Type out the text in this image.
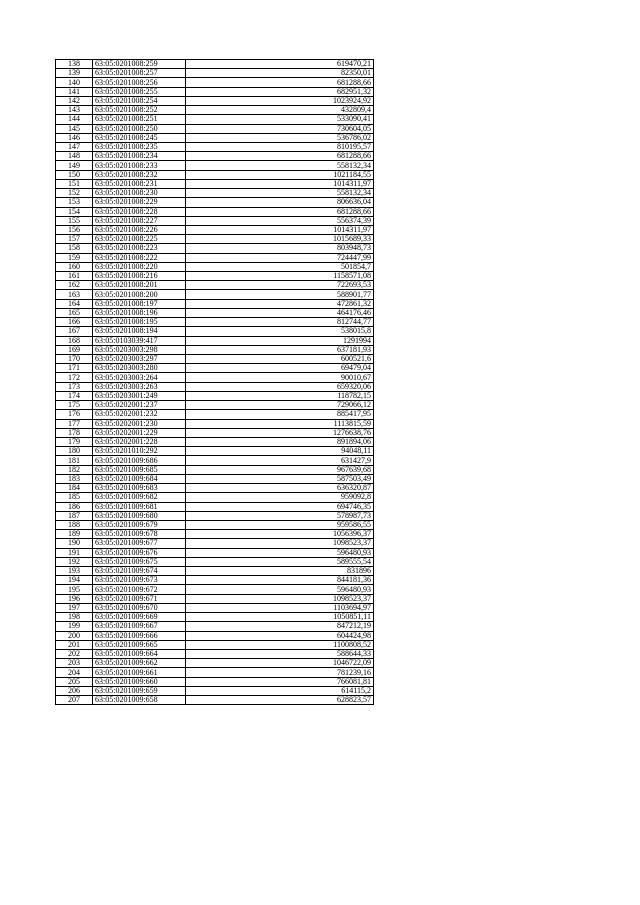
138	63:05:0201008:259	619470,21
139	63:05:0201008:257	82350,01
140	63:05:0201008:256	681288,66
141	63:05:0201008:255	682951,32
142	63:05:0201008:254	1023924,92
143	63:05:0201008:252	432809,4
144	63:05:0201008:251	533090,41
145	63:05:0201008:250	730604,05
146	63:05:0201008:245	536786,02
147	63:05:0201008:235	810195,57
148	63:05:0201008:234	681288,66
149	63:05:0201008:233	558132,34
150	63:05:0201008:232	1021184,55
151	63:05:0201008:231	1014311,97
152	63:05:0201008:230	558132,34
153	63:05:0201008:229	806636,04
154	63:05:0201008:228	681288,66
155	63:05:0201008:227	556374,39
156	63:05:0201008:226	1014311,97
157	63:05:0201008:225	1015689,33
158	63:05:0201008:223	803948,73
159	63:05:0201008:222	724447,99
160	63:05:0201008:220	501854,7
161	63:05:0201008:216	1158571,08
162	63:05:0201008:201	722693,53
163	63:05:0201008:200	588901,77
164	63:05:0201008:197	472861,32
165	63:05:0201008:196	464176,46
166	63:05:0201008:195	812744,77
167	63:05:0201008:194	538015,8
168	63:05:0103039:417	1291994
169	63:05:0203003:298	637181,93
170	63:05:0203003:297	600521,6
171	63:05:0203003:280	69479,04
172	63:05:0203003:264	90010,67
173	63:05:0203003:263	659320,06
174	63:05:0203001:249	118782,15
175	63:05:0202001:237	729066,12
176	63:05:0202001:232	885417,95
177	63:05:0202001:230	1113815,59
178	63:05:0202001:229	1276638,76
179	63:05:0202001:228	891894,06
180	63:05:0201010:292	94048,11
181	63:05:0201009:686	631427,9
182	63:05:0201009:685	967639,68
183	63:05:0201009:684	587503,49
184	63:05:0201009:683	636320,87
185	63:05:0201009:682	959092,8
186	63:05:0201009:681	694746,35
187	63:05:0201009:680	578987,73
188	63:05:0201009:679	959586,55
189	63:05:0201009:678	1056396,37
190	63:05:0201009:677	1098523,37
191	63:05:0201009:676	596480,93
192	63:05:0201009:675	589555,54
193	63:05:0201009:674	831896
194	63:05:0201009:673	844181,36
195	63:05:0201009:672	596480,93
196	63:05:0201009:671	1098523,37
197	63:05:0201009:670	1103694,97
198	63:05:0201009:669	1050851,11
199	63:05:0201009:667	847212,19
200	63:05:0201009:666	604424,98
201	63:05:0201009:665	1100808,52
202	63:05:0201009:664	588644,33
203	63:05:0201009:662	1046722,09
204	63:05:0201009:661	781239,16
205	63:05:0201009:660	766081,81
206	63:05:0201009:659	614115,2
207	63:05:0201009:658	628823,57
